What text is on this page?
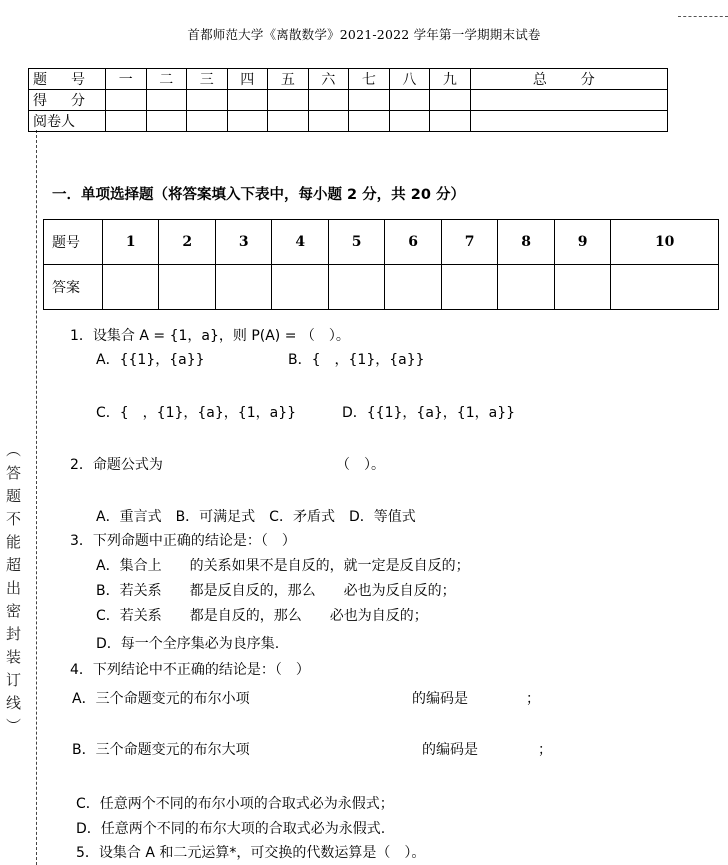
首都师范大学《离散数学》2021-2022 学年第一学期期末试卷
（答题不能超出密封装订线）
题　号	一	二	三	四	五	六	七	八	九	总　分
得　分										
阅卷人										
一．单项选择题（将答案填入下表中，每小题 2 分，共 20 分）
题号	1	2	3	4	5	6	7	8	9	10
答案										
1．设集合 A = {1，a}，则 P(A) = （　）。
A．{{1}，{a}}	B．{　，{1}，{a}}
C．{　，{1}，{a}，{1，a}}	D．{{1}，{a}，{1，a}}
2．命题公式为	（　）。
A．重言式　B．可满足式　C．矛盾式　D．等值式
3．下列命题中正确的结论是：（　）
A．集合上　　的关系如果不是自反的，就一定是反自反的；
B．若关系　　都是反自反的，那么　　必也为反自反的；
C．若关系　　都是自反的，那么　　必也为自反的；
D．每一个全序集必为良序集.
4．下列结论中不正确的结论是：（　）
A．三个命题变元的布尔小项	的编码是	；
B．三个命题变元的布尔大项	的编码是	；
C．任意两个不同的布尔小项的合取式必为永假式；
D．任意两个不同的布尔大项的合取式必为永假式.
5．设集合 A 和二元运算*，可交换的代数运算是（　）。
